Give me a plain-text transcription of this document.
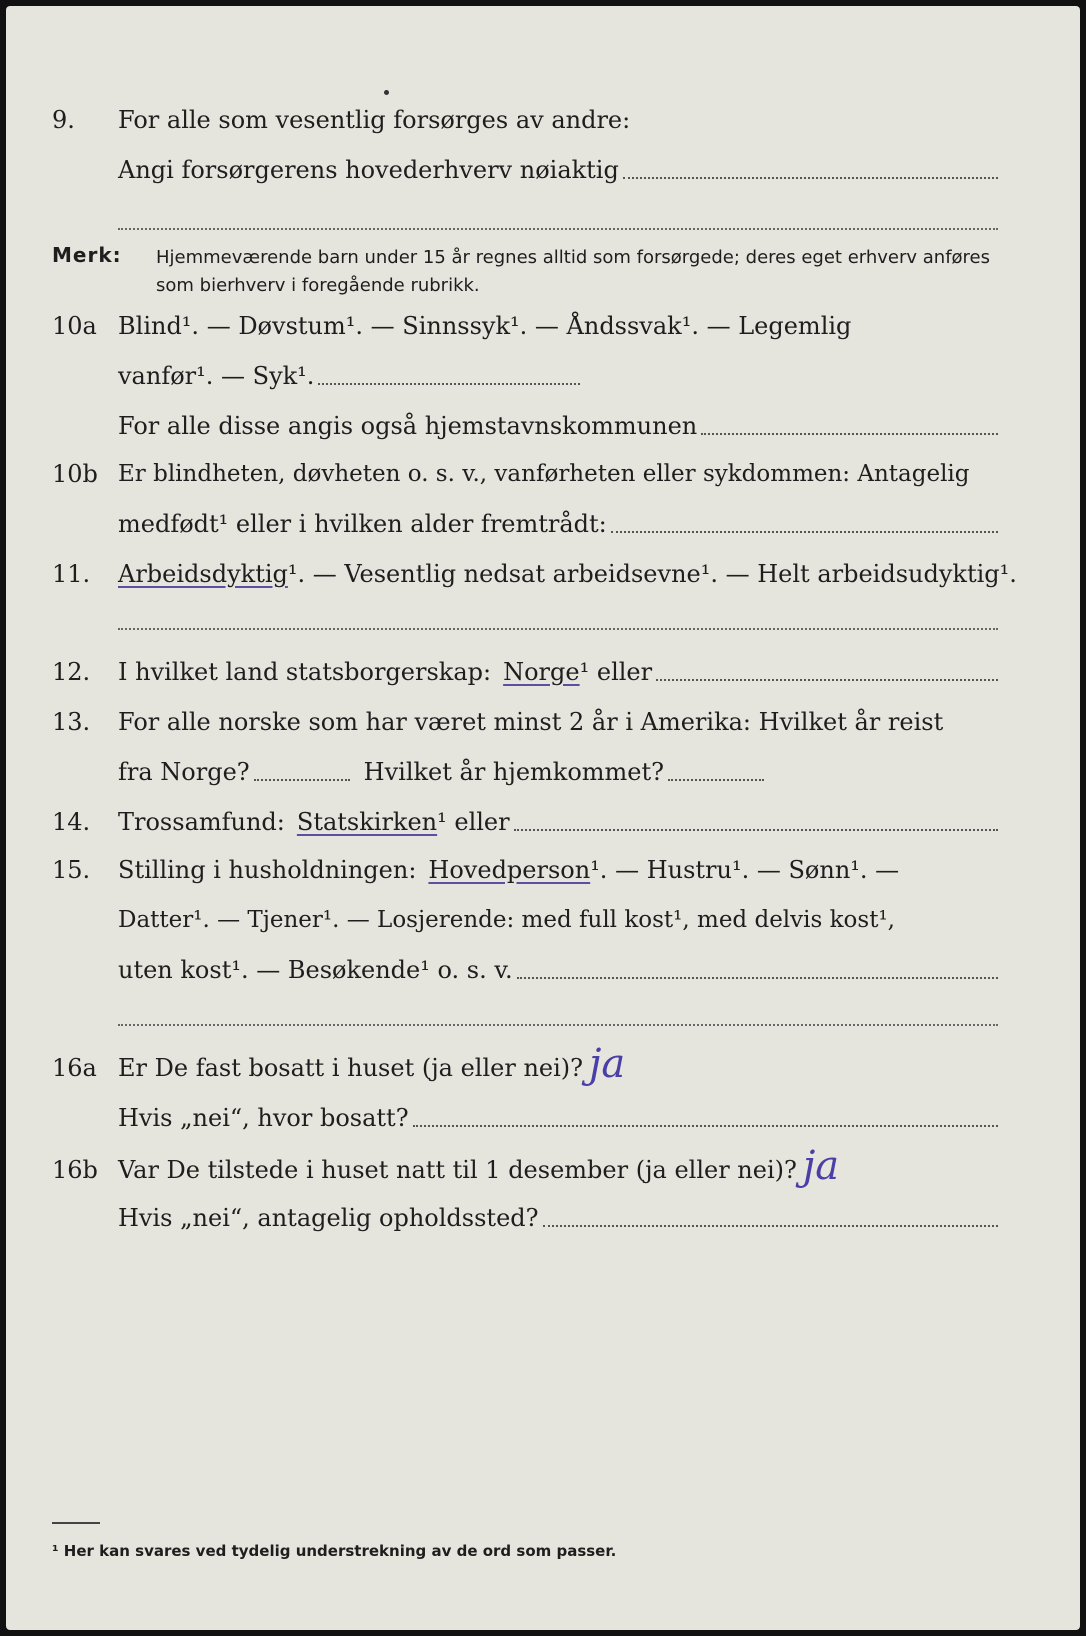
9.	For alle som vesentlig forsørges av andre:
Angi forsørgerens hovederhverv nøiaktig
Merk: Hjemmeværende barn under 15 år regnes alltid som forsørgede; deres eget erhverv anføres som bierhverv i foregående rubrikk.
10a Blind¹. — Døvstum¹. — Sinnssyk¹. — Åndssvak¹. — Legemlig
vanfør¹. — Syk¹.
For alle disse angis også hjemstavnskommunen
10b Er blindheten, døvheten o. s. v., vanførheten eller sykdommen: Antagelig
medfødt¹ eller i hvilken alder fremtrådt:
11.	Arbeidsdyktig ¹. — Vesentlig nedsat arbeidsevne¹. — Helt arbeidsudyktig¹.
12.	I hvilket land statsborgerskap: Norge ¹ eller
13.	For alle norske som har været minst 2 år i Amerika: Hvilket år reist
fra Norge?	Hvilket år hjemkommet?
14.	Trossamfund: Statskirken ¹ eller
15.	Stilling i husholdningen: Hovedperson ¹. — Hustru¹. — Sønn¹. —
Datter¹. — Tjener¹. — Losjerende: med full kost¹, med delvis kost¹,
uten kost¹. — Besøkende¹ o. s. v.
16a Er De fast bosatt i huset (ja eller nei)? ja
Hvis „nei“, hvor bosatt?
16b Var De tilstede i huset natt til 1 desember (ja eller nei)? ja
Hvis „nei“, antagelig opholdssted?
¹ Her kan svares ved tydelig understrekning av de ord som passer.
